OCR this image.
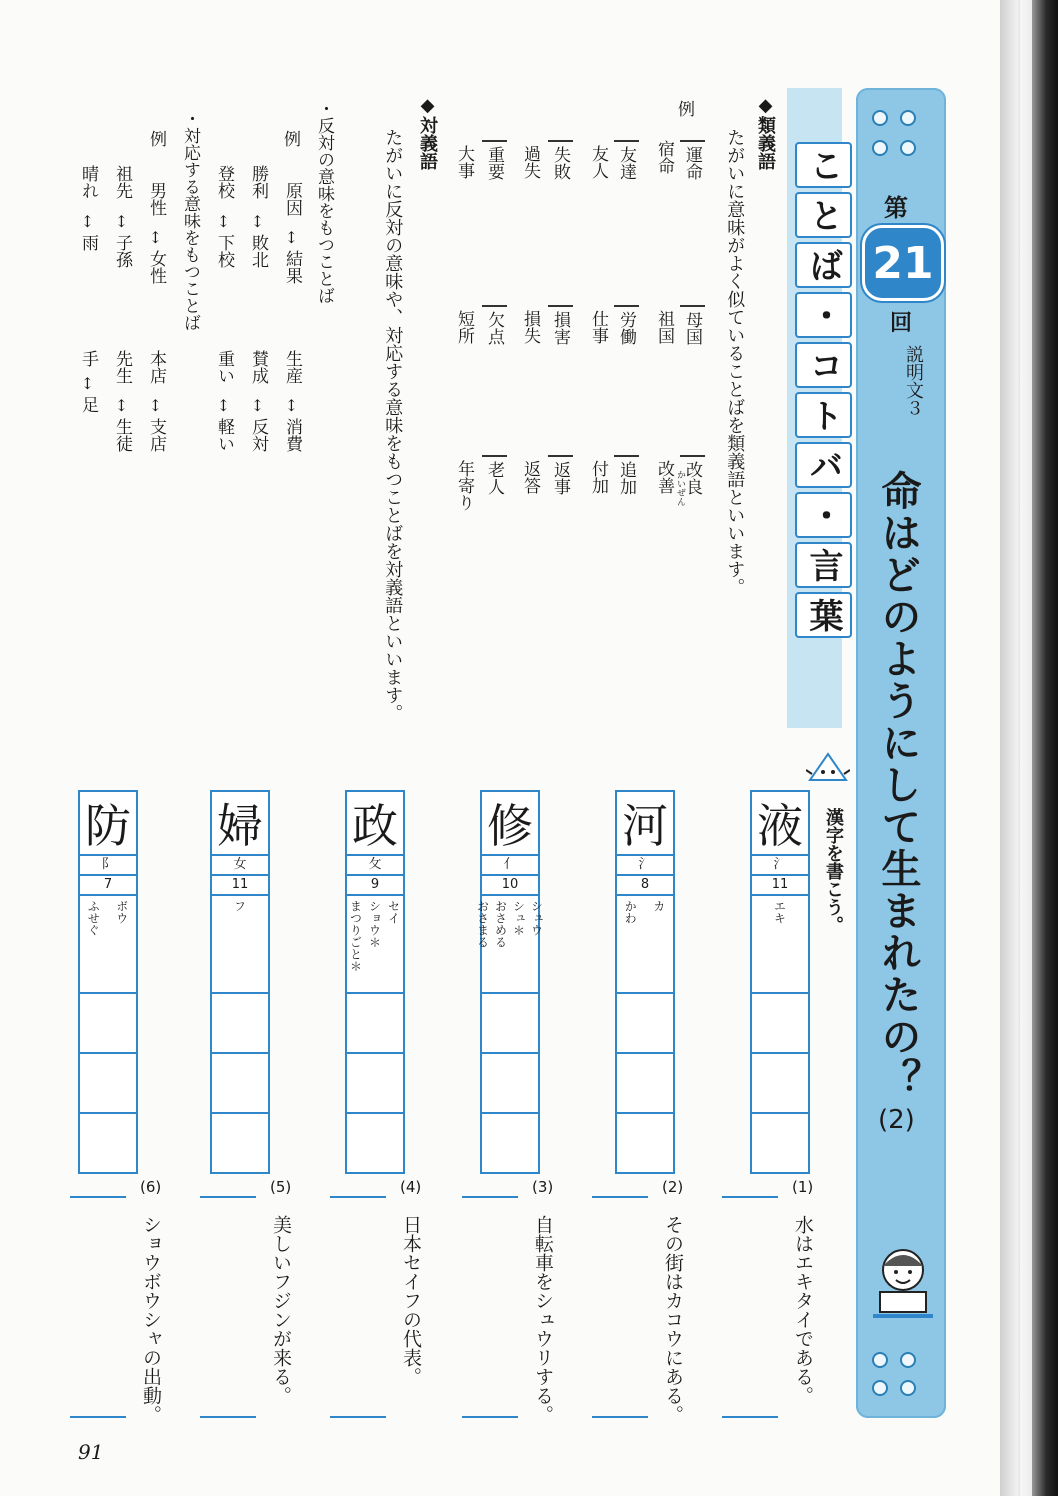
第
21
回
説明文３
命はどのようにして生まれたの？
(2)
ことば・コトバ・言葉
◆類義語
たがいに意味がよく似ていることばを類義語といいます。
例
運命
宿命
母国
祖国
改良
改善 かいぜん
友達
友人
労働
仕事
追加
付加
失敗
過失
損害
損失
返事
返答
重要
大事
欠点
短所
老人
年寄り
◆対義語
たがいに反対の意味や、対応する意味をもつことばを対義語といいます。
・反対の意味をもつことば
例
原因
↕
結果
生産
↕
消費
勝利
↕
敗北
賛成
↕
反対
登校
↕
下校
重い
↕
軽い
・対応する意味をもつことば
例
男性
↕
女性
本店
↕
支店
祖先
↕
子孫
先生
↕
生徒
晴れ
↕
雨
手
↕
足
漢字を書こう。
液
氵
11
エキ
河
氵
8
カ
かわ
修
亻
10
シュウ
シュ＊
おさめる
おさまる
政
攵
9
セイ
ショウ＊
まつりごと＊
婦
女
11
フ
防
阝
7
ボウ
ふせぐ
(1)
水はエキタイである。
(2)
その街はカコウにある。
(3)
自転車をシュウリする。
(4)
日本セイフの代表。
(5)
美しいフジンが来る。
(6)
ショウボウシャの出動。
91
